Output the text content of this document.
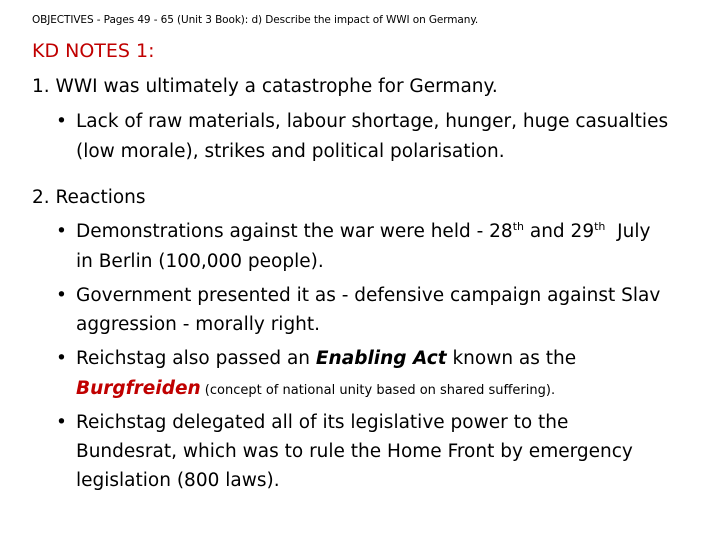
OBJECTIVES - Pages 49 - 65 (Unit 3 Book): d) Describe the impact of WWI on Germany.
KD NOTES 1:
1. WWI was ultimately a catastrophe for Germany.
• Lack of raw materials, labour shortage, hunger, huge casualties
(low morale), strikes and political polarisation.
2. Reactions
• Demonstrations against the war were held - 28th and 29th  July
in Berlin (100,000 people).
• Government presented it as - defensive campaign against Slav
aggression - morally right.
• Reichstag also passed an Enabling Act known as the
Burgfreiden (concept of national unity based on shared suffering).
• Reichstag delegated all of its legislative power to the
Bundesrat, which was to rule the Home Front by emergency
legislation (800 laws).
